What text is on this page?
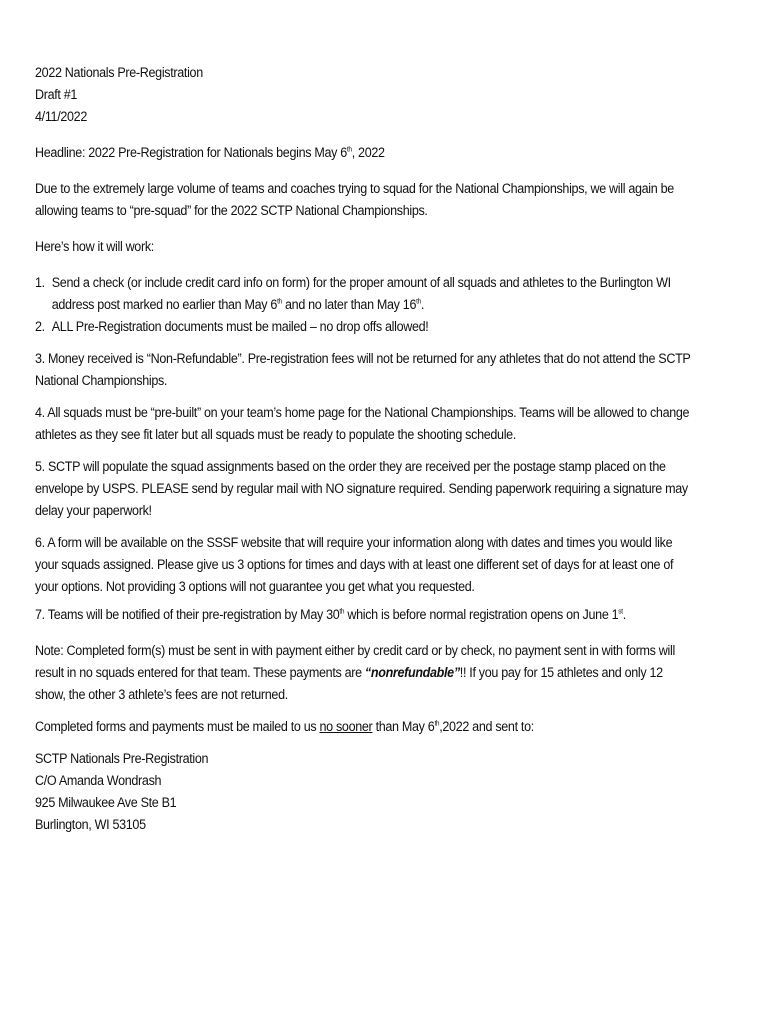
2022 Nationals Pre-Registration

Draft #1

4/11/2022

Headline: 2022 Pre-Registration for Nationals begins May 6th, 2022

Due to the extremely large volume of teams and coaches trying to squad for the National Championships, we will again be allowing teams to “pre-squad” for the 2022 SCTP National Championships.

Here’s how it will work:

1. Send a check (or include credit card info on form) for the proper amount of all squads and athletes to the Burlington WI address post marked no earlier than May 6th and no later than May 16th.
2. ALL Pre-Registration documents must be mailed – no drop offs allowed!

3. Money received is “Non-Refundable”. Pre-registration fees will not be returned for any athletes that do not attend the SCTP National Championships.

4. All squads must be “pre-built” on your team’s home page for the National Championships. Teams will be allowed to change athletes as they see fit later but all squads must be ready to populate the shooting schedule.

5. SCTP will populate the squad assignments based on the order they are received per the postage stamp placed on the envelope by USPS. PLEASE send by regular mail with NO signature required. Sending paperwork requiring a signature may delay your paperwork!

6. A form will be available on the SSSF website that will require your information along with dates and times you would like your squads assigned. Please give us 3 options for times and days with at least one different set of days for at least one of your options. Not providing 3 options will not guarantee you get what you requested.

7. Teams will be notified of their pre-registration by May 30th which is before normal registration opens on June 1st.

Note: Completed form(s) must be sent in with payment either by credit card or by check, no payment sent in with forms will result in no squads entered for that team. These payments are “nonrefundable”!! If you pay for 15 athletes and only 12 show, the other 3 athlete’s fees are not returned.

Completed forms and payments must be mailed to us no sooner than May 6th,2022 and sent to:

SCTP Nationals Pre-Registration

C/O Amanda Wondrash

925 Milwaukee Ave Ste B1

Burlington, WI 53105
